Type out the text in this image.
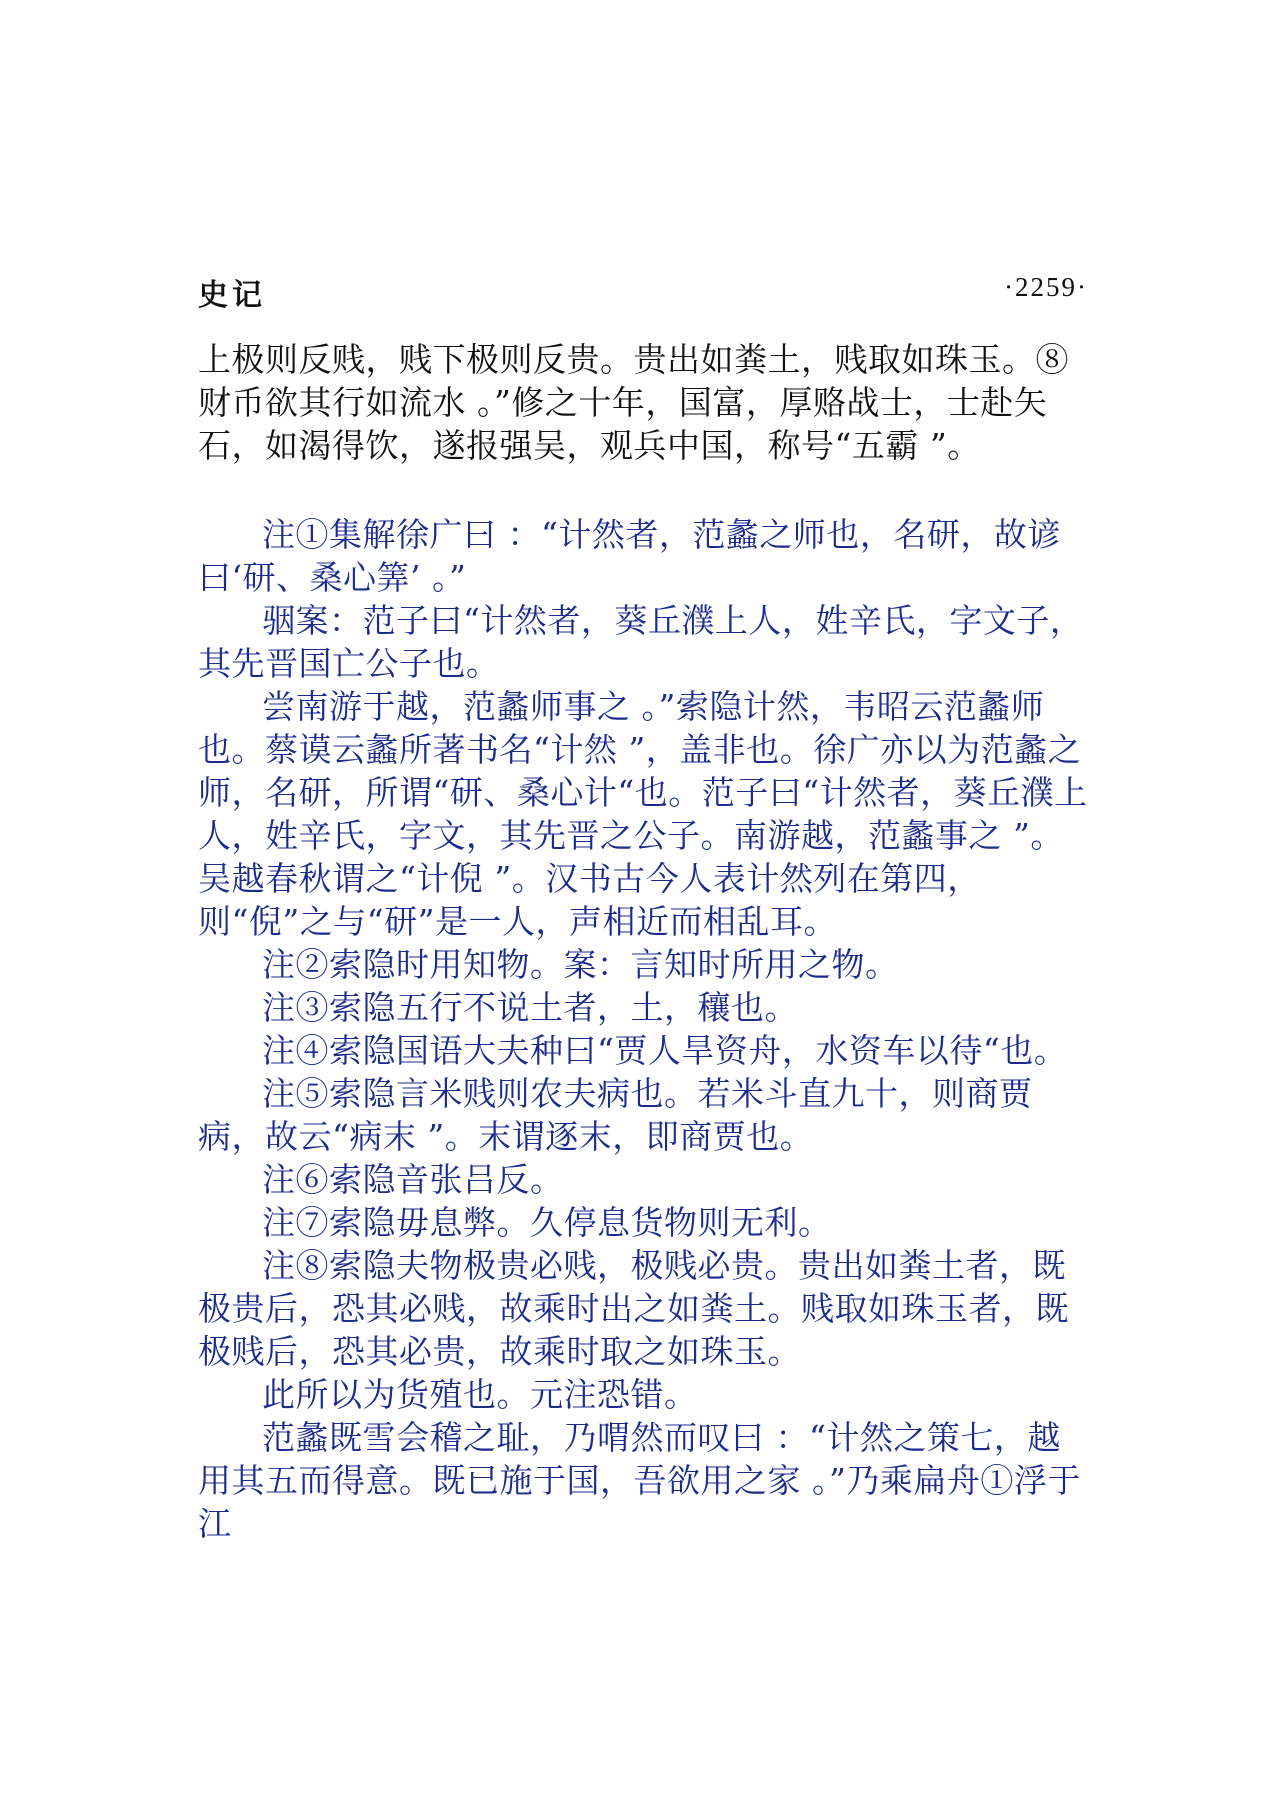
史记	·2259·

上极则反贱，贱下极则反贵。贵出如粪土，贱取如珠玉。⑧财币欲其行如流水 。”修之十年，国富，厚赂战士，士赴矢石，如渴得饮，遂报强吴，观兵中国，称号“五霸 ”。

注①集解徐广曰 ：“计然者，范蠡之师也，名研，故谚曰‘研、桑心筭’ 。”

骃案：范子曰“计然者，葵丘濮上人，姓辛氏，字文子，其先晋国亡公子也。

尝南游于越，范蠡师事之 。”索隐计然，韦昭云范蠡师也。蔡谟云蠡所著书名“计然 ”，盖非也。徐广亦以为范蠡之师，名研，所谓“研、桑心计“也。范子曰“计然者，葵丘濮上人，姓辛氏，字文，其先晋之公子。南游越，范蠡事之 ”。吴越春秋谓之“计倪 ”。汉书古今人表计然列在第四，则“倪”之与“研”是一人，声相近而相乱耳。

注②索隐时用知物。案：言知时所用之物。

注③索隐五行不说土者，土，穰也。

注④索隐国语大夫种曰“贾人旱资舟，水资车以待“也。

注⑤索隐言米贱则农夫病也。若米斗直九十，则商贾病，故云“病末 ”。末谓逐末，即商贾也。

注⑥索隐音张吕反。

注⑦索隐毋息弊。久停息货物则无利。

注⑧索隐夫物极贵必贱，极贱必贵。贵出如粪土者，既极贵后，恐其必贱，故乘时出之如粪土。贱取如珠玉者，既极贱后，恐其必贵，故乘时取之如珠玉。

此所以为货殖也。元注恐错。

范蠡既雪会稽之耻，乃喟然而叹曰 ：“计然之策七，越用其五而得意。既已施于国，吾欲用之家 。”乃乘扁舟①浮于江
